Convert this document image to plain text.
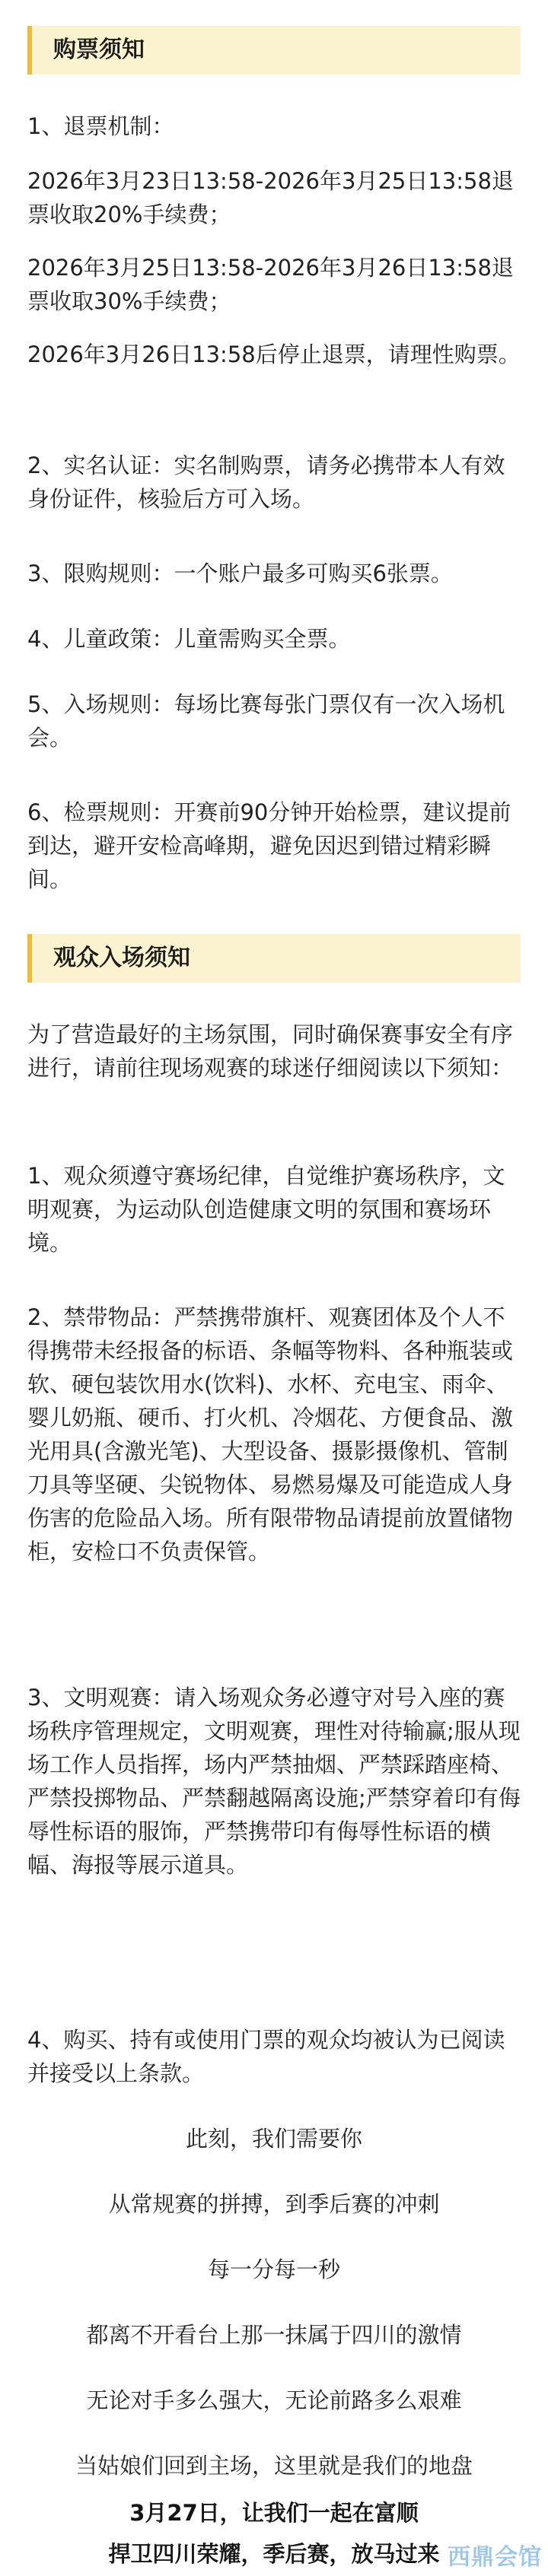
购票须知
1、退票机制：
2026年3月23日13:58-2026年3月25日13:58退票收取20%手续费；
2026年3月25日13:58-2026年3月26日13:58退票收取30%手续费；
2026年3月26日13:58后停止退票，请理性购票。
2、实名认证：实名制购票，请务必携带本人有效身份证件，核验后方可入场。
3、限购规则：一个账户最多可购买6张票。
4、儿童政策：儿童需购买全票。
5、入场规则：每场比赛每张门票仅有一次入场机会。
6、检票规则：开赛前90分钟开始检票，建议提前到达，避开安检高峰期，避免因迟到错过精彩瞬间。
观众入场须知
为了营造最好的主场氛围，同时确保赛事安全有序进行，请前往现场观赛的球迷仔细阅读以下须知：
1、观众须遵守赛场纪律，自觉维护赛场秩序，文明观赛，为运动队创造健康文明的氛围和赛场环境。
2、禁带物品：严禁携带旗杆、观赛团体及个人不得携带未经报备的标语、条幅等物料、各种瓶装或软、硬包装饮用水(饮料)、水杯、充电宝、雨伞、婴儿奶瓶、硬币、打火机、冷烟花、方便食品、激光用具(含激光笔)、大型设备、摄影摄像机、管制刀具等坚硬、尖锐物体、易燃易爆及可能造成人身伤害的危险品入场。所有限带物品请提前放置储物柜，安检口不负责保管。
3、文明观赛：请入场观众务必遵守对号入座的赛场秩序管理规定，文明观赛，理性对待输赢;服从现场工作人员指挥，场内严禁抽烟、严禁踩踏座椅、严禁投掷物品、严禁翻越隔离设施;严禁穿着印有侮辱性标语的服饰，严禁携带印有侮辱性标语的横幅、海报等展示道具。
4、购买、持有或使用门票的观众均被认为已阅读并接受以上条款。
此刻，我们需要你
从常规赛的拼搏，到季后赛的冲刺
每一分每一秒
都离不开看台上那一抹属于四川的激情
无论对手多么强大，无论前路多么艰难
当姑娘们回到主场，这里就是我们的地盘
3月27日，让我们一起在富顺
捍卫四川荣耀，季后赛，放马过来 西鼎会馆
